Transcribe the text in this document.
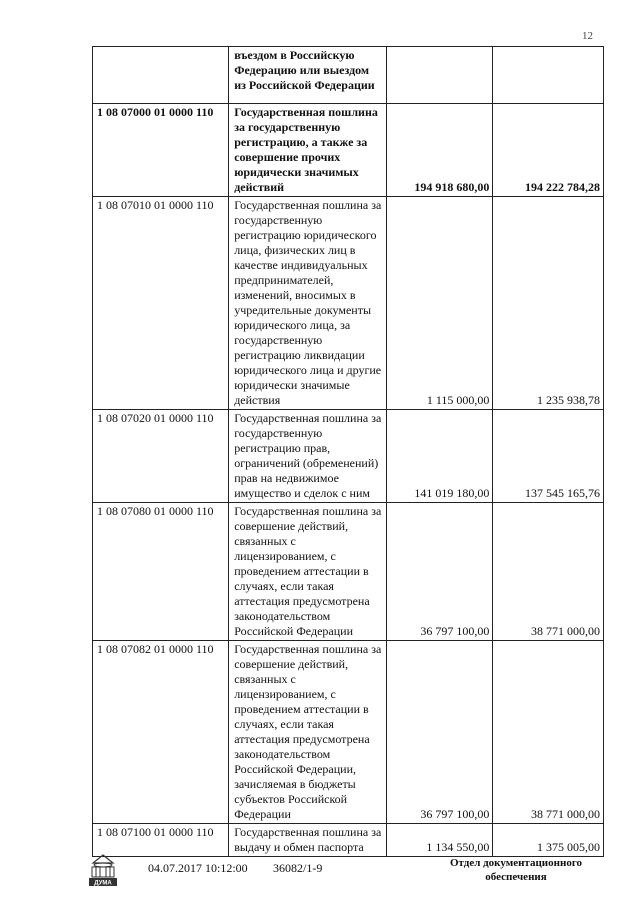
12
	въездом в Российскую Федерацию или выездом из Российской Федерации		
1 08 07000 01 0000 110	Государственная пошлина за государственную регистрацию, а также за совершение прочих юридически значимых действий	194 918 680,00	194 222 784,28
1 08 07010 01 0000 110	Государственная пошлина за государственную регистрацию юридического лица, физических лиц в качестве индивидуальных предпринимателей, изменений, вносимых в учредительные документы юридического лица, за государственную регистрацию ликвидации юридического лица и другие юридически значимые действия	1 115 000,00	1 235 938,78
1 08 07020 01 0000 110	Государственная пошлина за государственную регистрацию прав, ограничений (обременений) прав на недвижимое имущество и сделок с ним	141 019 180,00	137 545 165,76
1 08 07080 01 0000 110	Государственная пошлина за совершение действий, связанных с лицензированием, с проведением аттестации в случаях, если такая аттестация предусмотрена законодательством Российской Федерации	36 797 100,00	38 771 000,00
1 08 07082 01 0000 110	Государственная пошлина за совершение действий, связанных с лицензированием, с проведением аттестации в случаях, если такая аттестация предусмотрена законодательством Российской Федерации, зачисляемая в бюджеты субъектов Российской Федерации	36 797 100,00	38 771 000,00
1 08 07100 01 0000 110	Государственная пошлина за выдачу и обмен паспорта	1 134 550,00	1 375 005,00
ДУМА
04.07.2017 10:12:00 36082/1-9	Отдел документационного обеспечения
